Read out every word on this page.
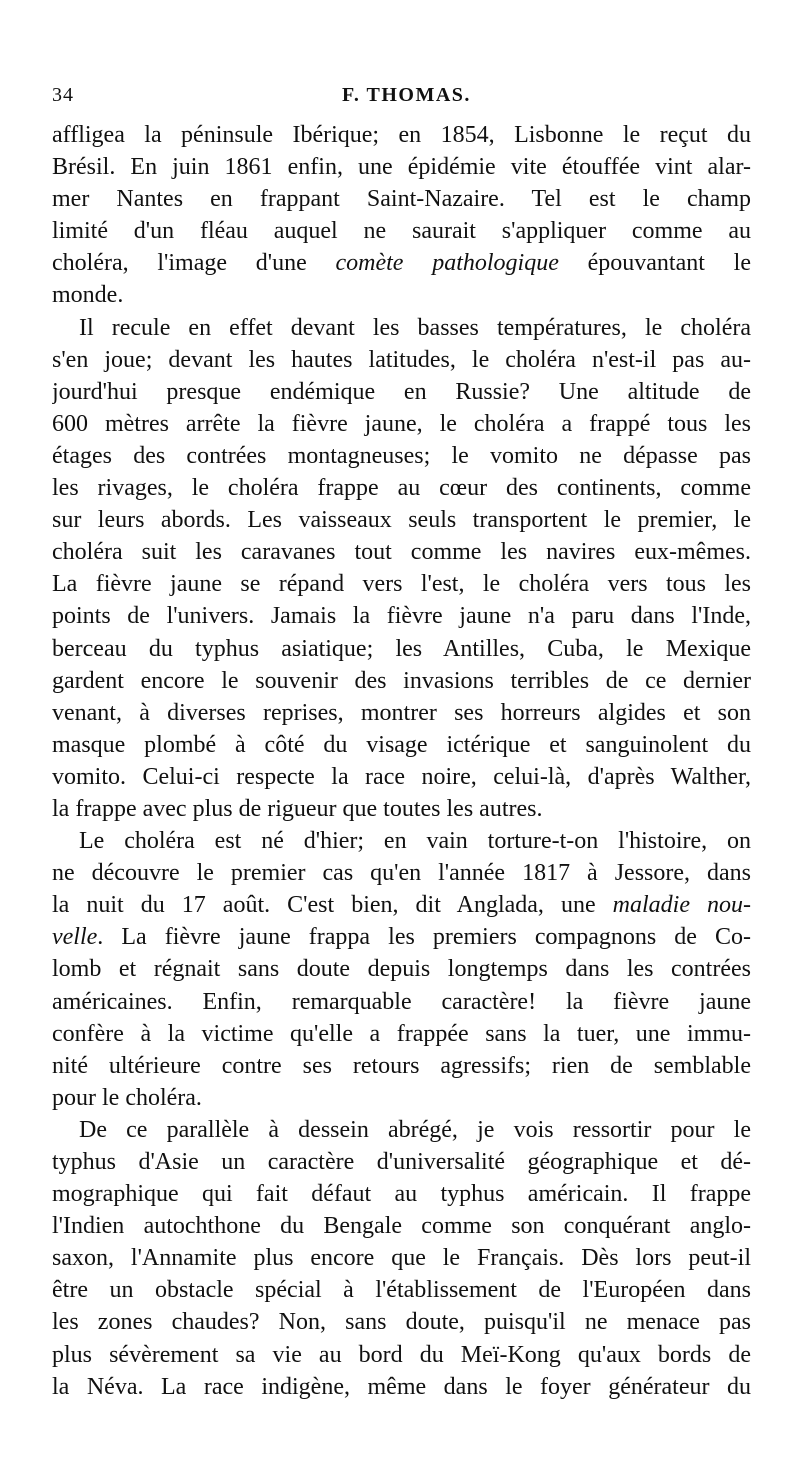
34	F. THOMAS.
affligea la péninsule Ibérique; en 1854, Lisbonne le reçut du
Brésil. En juin 1861 enfin, une épidémie vite étouffée vint alar-
mer Nantes en frappant Saint-Nazaire. Tel est le champ
limité d'un fléau auquel ne saurait s'appliquer comme au
choléra, l'image d'une comète pathologique épouvantant le
monde.
Il recule en effet devant les basses températures, le choléra
s'en joue; devant les hautes latitudes, le choléra n'est-il pas au-
jourd'hui presque endémique en Russie? Une altitude de
600 mètres arrête la fièvre jaune, le choléra a frappé tous les
étages des contrées montagneuses; le vomito ne dépasse pas
les rivages, le choléra frappe au cœur des continents, comme
sur leurs abords. Les vaisseaux seuls transportent le premier, le
choléra suit les caravanes tout comme les navires eux-mêmes.
La fièvre jaune se répand vers l'est, le choléra vers tous les
points de l'univers. Jamais la fièvre jaune n'a paru dans l'Inde,
berceau du typhus asiatique; les Antilles, Cuba, le Mexique
gardent encore le souvenir des invasions terribles de ce dernier
venant, à diverses reprises, montrer ses horreurs algides et son
masque plombé à côté du visage ictérique et sanguinolent du
vomito. Celui-ci respecte la race noire, celui-là, d'après Walther,
la frappe avec plus de rigueur que toutes les autres.
Le choléra est né d'hier; en vain torture-t-on l'histoire, on
ne découvre le premier cas qu'en l'année 1817 à Jessore, dans
la nuit du 17 août. C'est bien, dit Anglada, une maladie nou-
velle. La fièvre jaune frappa les premiers compagnons de Co-
lomb et régnait sans doute depuis longtemps dans les contrées
américaines. Enfin, remarquable caractère! la fièvre jaune
confère à la victime qu'elle a frappée sans la tuer, une immu-
nité ultérieure contre ses retours agressifs; rien de semblable
pour le choléra.
De ce parallèle à dessein abrégé, je vois ressortir pour le
typhus d'Asie un caractère d'universalité géographique et dé-
mographique qui fait défaut au typhus américain. Il frappe
l'Indien autochthone du Bengale comme son conquérant anglo-
saxon, l'Annamite plus encore que le Français. Dès lors peut-il
être un obstacle spécial à l'établissement de l'Européen dans
les zones chaudes? Non, sans doute, puisqu'il ne menace pas
plus sévèrement sa vie au bord du Meï-Kong qu'aux bords de
la Néva. La race indigène, même dans le foyer générateur du
